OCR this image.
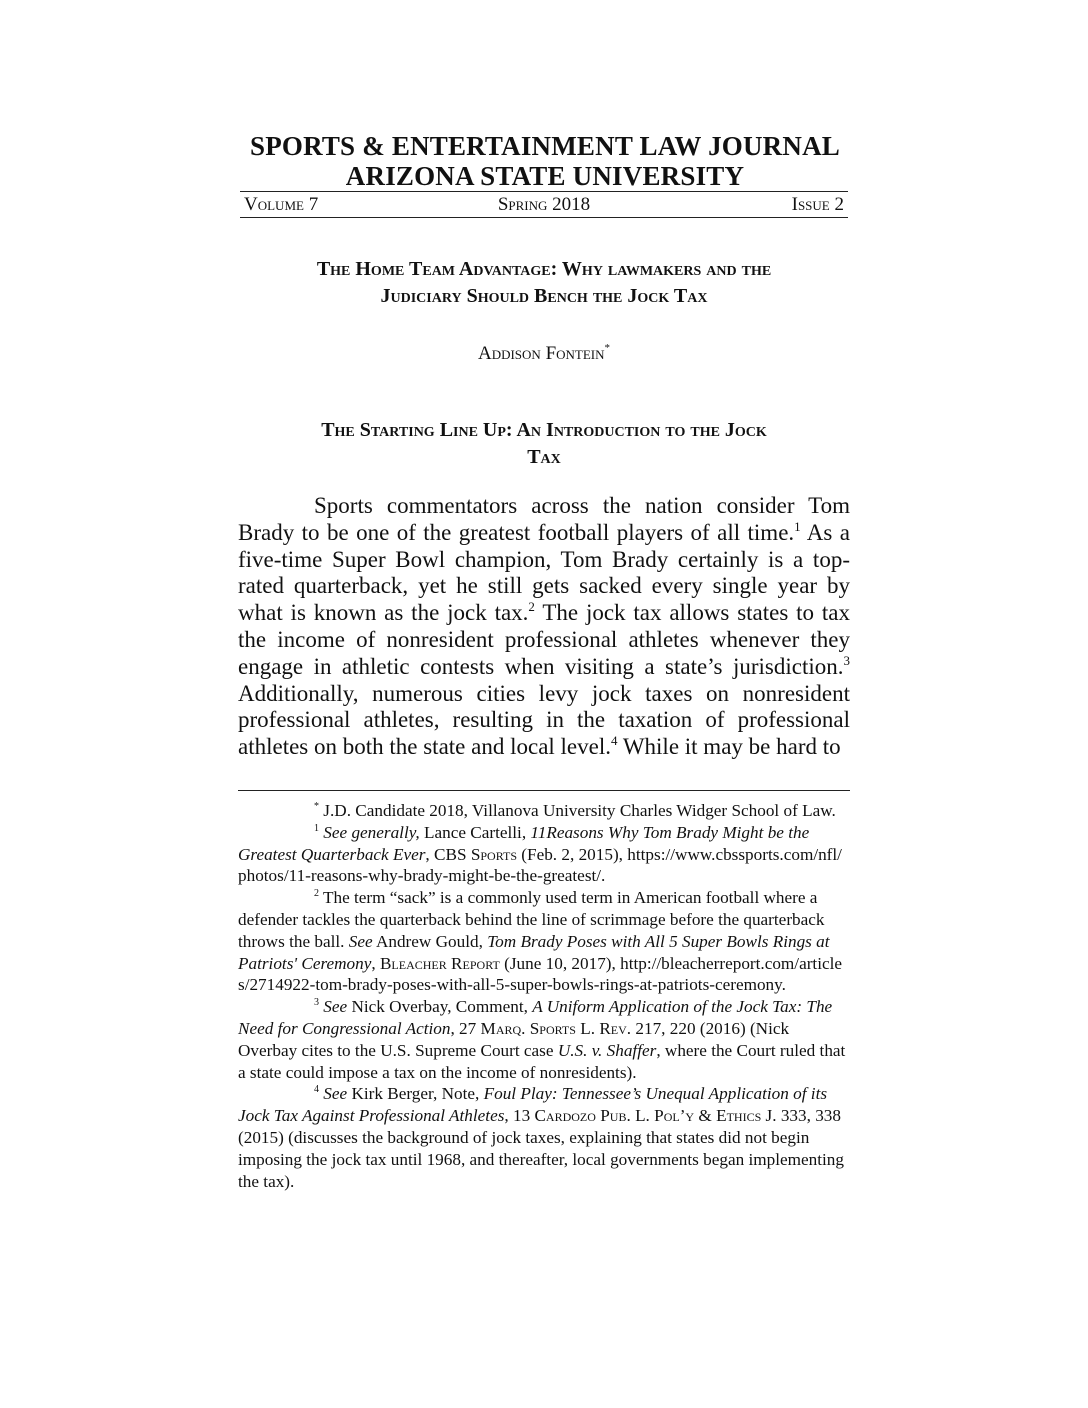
SPORTS & ENTERTAINMENT LAW JOURNAL
ARIZONA STATE UNIVERSITY
Volume 7	Spring 2018	Issue 2
The Home Team Advantage: Why lawmakers and the
Judiciary Should Bench the Jock Tax
Addison Fontein*
The Starting Line Up: An Introduction to the Jock
Tax

Sports commentators across the nation consider Tom Brady to be one of the greatest football players of all time.$^1$ As a five-time Super Bowl champion, Tom Brady certainly is a top-rated quarterback, yet he still gets sacked every single year by what is known as the jock tax.$^2$ The jock tax allows states to tax the income of nonresident professional athletes whenever they engage in athletic contests when visiting a state’s jurisdiction.$^3$ Additionally, numerous cities levy jock taxes on nonresident professional athletes, resulting in the taxation of professional athletes on both the state and local level.$^4$ While it may be hard to

* J.D. Candidate 2018, Villanova University Charles Widger School of Law.

$^1$ See generally, Lance Cartelli, 11Reasons Why Tom Brady Might be the Greatest Quarterback Ever, CBS Sports (Feb. 2, 2015), https://www.cbssports.com/nfl/photos/11-reasons-why-brady-might-be-the-greatest/.

$^2$ The term “sack” is a commonly used term in American football where a defender tackles the quarterback behind the line of scrimmage before the quarterback throws the ball. See Andrew Gould, Tom Brady Poses with All 5 Super Bowls Rings at Patriots' Ceremony, Bleacher Report (June 10, 2017), http://bleacherreport.com/articles/2714922-tom-brady-poses-with-all-5-super-bowls-rings-at-patriots-ceremony.

$^3$ See Nick Overbay, Comment, A Uniform Application of the Jock Tax: The Need for Congressional Action, 27 Marq. Sports L. Rev. 217, 220 (2016) (Nick Overbay cites to the U.S. Supreme Court case U.S. v. Shaffer, where the Court ruled that a state could impose a tax on the income of nonresidents).

$^4$ See Kirk Berger, Note, Foul Play: Tennessee’s Unequal Application of its Jock Tax Against Professional Athletes, 13 Cardozo Pub. L. Pol’y & Ethics J. 333, 338 (2015) (discusses the background of jock taxes, explaining that states did not begin imposing the jock tax until 1968, and thereafter, local governments began implementing the tax).
